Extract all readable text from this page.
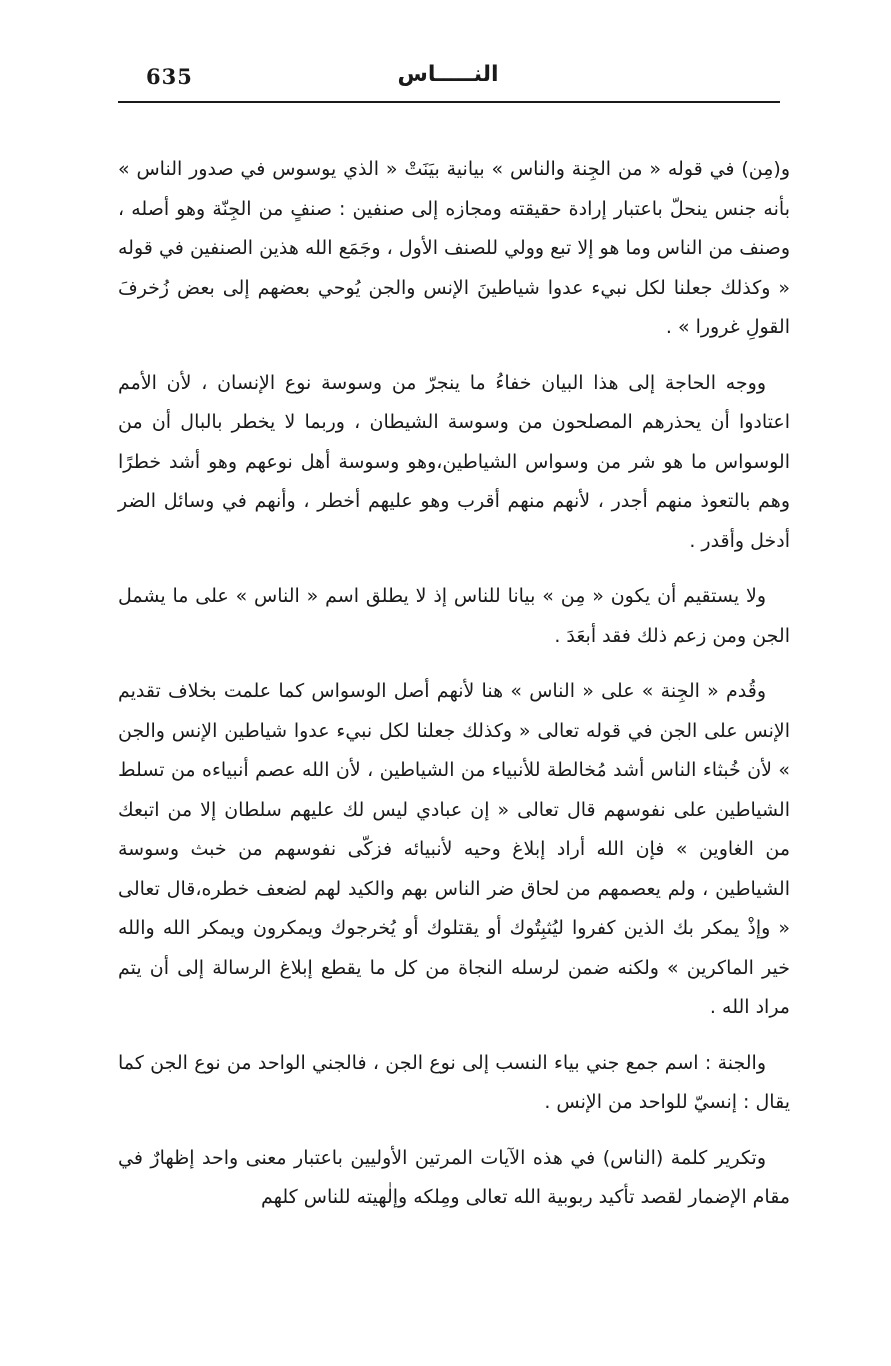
635	النـــــاس

و(مِن) في قوله « من الجِنة والناس » بيانية بيَنَتْ « الذي يوسوس في صدور الناس » بأنه جنس ينحلّ باعتبار إرادة حقيقته ومجازه إلى صنفين : صنفٍ من الجِنّة وهو أصله ، وصنف من الناس وما هو إلا تبع وولي للصنف الأول ، وجَمَع الله هذين الصنفين في قوله « وكذلك جعلنا لكل نبيء عدوا شياطينَ الإنس والجن يُوحي بعضهم إلى بعض زُخرفَ القولِ غرورا » .

ووجه الحاجة إلى هذا البيان خفاءُ ما ينجرّ من وسوسة نوع الإنسان ، لأن الأمم اعتادوا أن يحذرهم المصلحون من وسوسة الشيطان ، وربما لا يخطر بالبال أن من الوسواس ما هو شر من وسواس الشياطين،وهو وسوسة أهل نوعهم وهو أشد خطرًا وهم بالتعوذ منهم أجدر ، لأنهم منهم أقرب وهو عليهم أخطر ، وأنهم في وسائل الضر أدخل وأقدر .

ولا يستقيم أن يكون « مِن » بيانا للناس إذ لا يطلق اسم « الناس » على ما يشمل الجن ومن زعم ذلك فقد أبعَدَ .

وقُدم « الجِنة » على « الناس » هنا لأنهم أصل الوسواس كما علمت بخلاف تقديم الإنس على الجن في قوله تعالى « وكذلك جعلنا لكل نبيء عدوا شياطين الإنس والجن » لأن خُبثاء الناس أشد مُخالطة للأنبياء من الشياطين ، لأن الله عصم أنبياءه من تسلط الشياطين على نفوسهم قال تعالى « إن عبادي ليس لك عليهم سلطان إلا من اتبعك من الغاوين » فإن الله أراد إبلاغ وحيه لأنبيائه فزكّى نفوسهم من خبث وسوسة الشياطين ، ولم يعصمهم من لحاق ضر الناس بهم والكيد لهم لضعف خطره،قال تعالى « وإذْ يمكر بك الذين كفروا ليُثبِتُوك أو يقتلوك أو يُخرجوك ويمكرون ويمكر الله والله خير الماكرين » ولكنه ضمن لرسله النجاة من كل ما يقطع إبلاغ الرسالة إلى أن يتم مراد الله .

والجنة : اسم جمع جني بياء النسب إلى نوع الجن ، فالجني الواحد من نوع الجن كما يقال : إنسيّ للواحد من الإنس .

وتكرير كلمة (الناس) في هذه الآيات المرتين الأوليين باعتبار معنى واحد إظهارٌ في مقام الإضمار لقصد تأكيد ربوبية الله تعالى ومِلكه وإلٰهيته للناس كلهم
